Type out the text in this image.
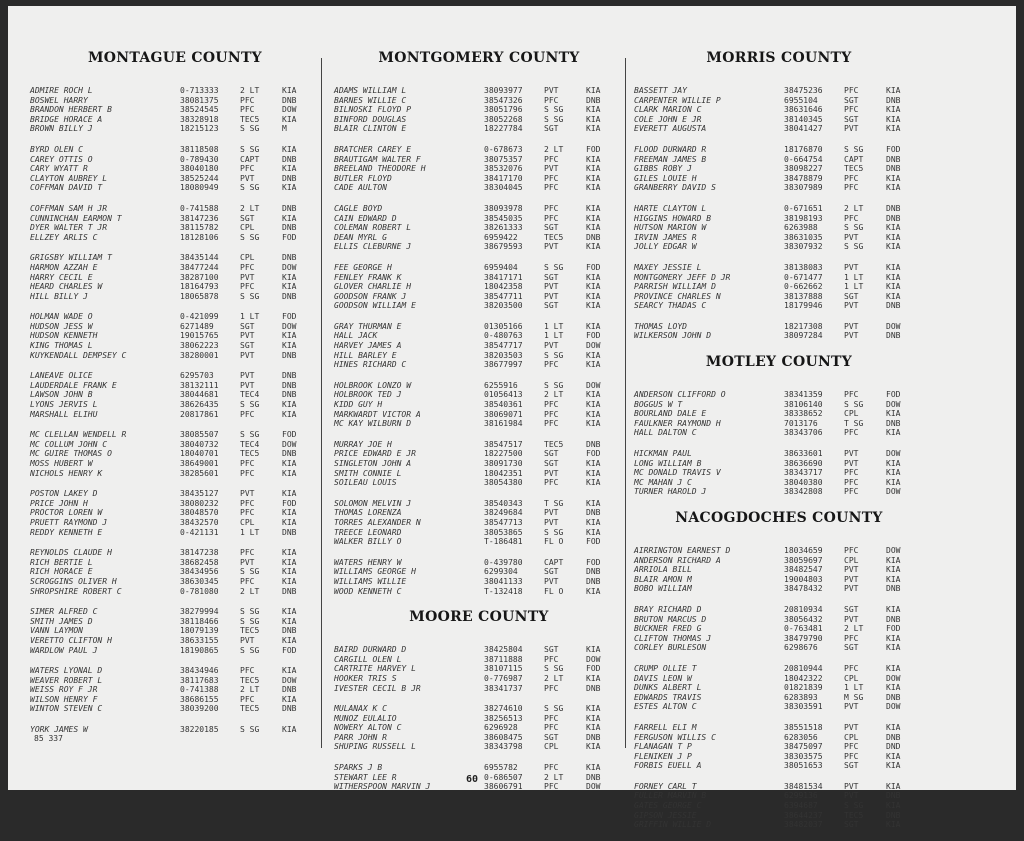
MONTAGUE COUNTY
ADMIRE ROCH L	0-713333	2 LT	KIA
BOSWEL HARRY	38081375	PFC	DNB
BRANDON HERBERT B	38524545	PFC	DOW
BRIDGE HORACE A	38328918	TEC5	KIA
BROWN BILLY J	18215123	S SG	M
BYRD OLEN C	38118508	S SG	KIA
CAREY OTTIS O	0-789430	CAPT	DNB
CARY WYATT R	38040180	PFC	KIA
CLAYTON AUBREY L	38525244	PVT	DNB
COFFMAN DAVID T	18080949	S SG	KIA
COFFMAN SAM H JR	0-741588	2 LT	DNB
CUNNINCHAN EARMON T	38147236	SGT	KIA
DYER WALTER T JR	38115782	CPL	DNB
ELLZEY ARLIS C	18128106	S SG	FOD
GRIGSBY WILLIAM T	38435144	CPL	DNB
HARMON AZZAH E	38477244	PFC	DOW
HARRY CECIL E	38287100	PVT	KIA
HEARD CHARLES W	18164793	PFC	KIA
HILL BILLY J	18065878	S SG	DNB
HOLMAN WADE O	0-421099	1 LT	FOD
HUDSON JESS W	6271489	SGT	DOW
HUDSON KENNETH	19015765	PVT	KIA
KING THOMAS L	38062223	SGT	KIA
KUYKENDALL DEMPSEY C	38280001	PVT	DNB
LANEAVE OLICE	6295703	PVT	DNB
LAUDERDALE FRANK E	38132111	PVT	DNB
LAWSON JOHN B	38044681	TEC4	DNB
LYONS JERVIS L	38626435	S SG	KIA
MARSHALL ELIHU	20817861	PFC	KIA
MC CLELLAN WENDELL R	38085507	S SG	FOD
MC COLLUM JOHN C	38040732	TEC4	DOW
MC GUIRE THOMAS O	18040701	TEC5	DNB
MOSS HUBERT W	38649001	PFC	KIA
NICHOLS HENRY K	38285601	PFC	KIA
POSTON LAKEY D	38435127	PVT	KIA
PRICE JOHN H	38080232	PFC	FOD
PROCTOR LOREN W	38048570	PFC	KIA
PRUETT RAYMOND J	38432570	CPL	KIA
REDDY KENNETH E	0-421131	1 LT	DNB
REYNOLDS CLAUDE H	38147238	PFC	KIA
RICH BERTIE L	38682458	PVT	KIA
RICH HORACE E	38434956	S SG	KIA
SCROGGINS OLIVER H	38630345	PFC	KIA
SHROPSHIRE ROBERT C	0-781080	2 LT	DNB
SIMER ALFRED C	38279994	S SG	KIA
SMITH JAMES D	38118466	S SG	KIA
VANN LAYMON	18079139	TEC5	DNB
VERETTO CLIFTON H	38633155	PVT	KIA
WARDLOW PAUL J	18190865	S SG	FOD
WATERS LYONAL D	38434946	PFC	KIA
WEAVER ROBERT L	38117683	TEC5	DOW
WEISS ROY F JR	0-741388	2 LT	DNB
WILSON HENRY F	38686155	PFC	KIA
WINTON STEVEN C	38039200	TEC5	DNB
YORK JAMES W	38220185	S SG	KIA
MONTGOMERY COUNTY
ADAMS WILLIAM L	38093977	PVT	KIA
BARNES WILLIE C	38547326	PFC	DNB
BILNOSKI FLOYD P	38051796	S SG	KIA
BINFORD DOUGLAS	38052268	S SG	KIA
BLAIR CLINTON E	18227784	SGT	KIA
BRATCHER CAREY E	0-678673	2 LT	FOD
BRAUTIGAM WALTER F	38075357	PFC	KIA
BREELAND THEODORE H	38532076	PVT	KIA
BUTLER FLOYD	38417170	PFC	KIA
CADE AULTON	38304045	PFC	KIA
CAGLE BOYD	38093978	PFC	KIA
CAIN EDWARD D	38545035	PFC	KIA
COLEMAN ROBERT L	38261333	SGT	KIA
DEAN MYRL G	6959422	TEC5	DNB
ELLIS CLEBURNE J	38679593	PVT	KIA
FEE GEORGE H	6959404	S SG	FOD
FENLEY FRANK K	38417171	SGT	KIA
GLOVER CHARLIE H	18042358	PVT	KIA
GOODSON FRANK J	38547711	PVT	KIA
GOODSON WILLIAM E	38203500	SGT	KIA
GRAY THURMAN E	01305166	1 LT	KIA
HALL JACK	0-480763	1 LT	FOD
HARVEY JAMES A	38547717	PVT	DOW
HILL BARLEY E	38203503	S SG	KIA
HINES RICHARD C	38677997	PFC	KIA
HOLBROOK LONZO W	6255916	S SG	DOW
HOLBROOK TED J	01056413	2 LT	KIA
KIDD GUY H	38540361	PFC	KIA
MARKWARDT VICTOR A	38069071	PFC	KIA
MC KAY WILBURN D	38161984	PFC	KIA
MURRAY JOE H	38547517	TEC5	DNB
PRICE EDWARD E JR	18227500	SGT	FOD
SINGLETON JOHN A	38091730	SGT	KIA
SMITH CONNIE L	18042351	PVT	KIA
SOILEAU LOUIS	38054380	PFC	KIA
SOLOMON MELVIN J	38540343	T SG	KIA
THOMAS LORENZA	38249684	PVT	DNB
TORRES ALEXANDER N	38547713	PVT	KIA
TREECE LEONARD	38053865	S SG	KIA
WALKER BILLY O	T-186481	FL O	FOD
WATERS HENRY W	0-439780	CAPT	FOD
WILLIAMS GEORGE H	6299304	SGT	DNB
WILLIAMS WILLIE	38041133	PVT	DNB
WOOD KENNETH C	T-132418	FL O	KIA
MOORE COUNTY
BAIRD DURWARD D	38425804	SGT	KIA
CARGILL OLEN L	38711888	PFC	DOW
CARTRITE HARVEY L	38107115	S SG	FOD
HOOKER TRIS S	0-776987	2 LT	KIA
IVESTER CECIL B JR	38341737	PFC	DNB
MULANAX K C	38274610	S SG	KIA
MUNOZ EULALIO	38256513	PFC	KIA
NOWERY ALTON C	6296928	PFC	KIA
PARR JOHN R	38608475	SGT	DNB
SHUPING RUSSELL L	38343798	CPL	KIA
SPARKS J B	6955782	PFC	KIA
STEWART LEE R	0-686507	2 LT	DNB
WITHERSPOON MARVIN J	38606791	PFC	DOW
MORRIS COUNTY
BASSETT JAY	38475236	PFC	KIA
CARPENTER WILLIE P	6955104	SGT	DNB
CLARK MARION C	38631646	PFC	KIA
COLE JOHN E JR	38140345	SGT	KIA
EVERETT AUGUSTA	38041427	PVT	KIA
FLOOD DURWARD R	18176870	S SG	FOD
FREEMAN JAMES B	0-664754	CAPT	DNB
GIBBS ROBY J	38098227	TEC5	DNB
GILES LOUIE H	38478879	PFC	KIA
GRANBERRY DAVID S	38307989	PFC	KIA
HARTE CLAYTON L	0-671651	2 LT	DNB
HIGGINS HOWARD B	38198193	PFC	DNB
HUTSON MARION W	6263988	S SG	KIA
IRVIN JAMES R	38631035	PVT	KIA
JOLLY EDGAR W	38307932	S SG	KIA
MAXEY JESSIE L	38138083	PVT	KIA
MONTGOMERY JEFF D JR	0-671477	1 LT	KIA
PARRISH WILLIAM D	0-662662	1 LT	KIA
PROVINCE CHARLES N	38137888	SGT	KIA
SEARCY THADAS C	18179946	PVT	DNB
THOMAS LOYD	18217308	PVT	DOW
WILKERSON JOHN D	38097284	PVT	DNB
MOTLEY COUNTY
ANDERSON CLIFFORD O	38341359	PFC	FOD
BOGGUS W T	38106140	S SG	DOW
BOURLAND DALE E	38338652	CPL	KIA
FAULKNER RAYMOND H	7013176	T SG	DNB
HALL DALTON C	38343706	PFC	KIA
HICKMAN PAUL	38633601	PVT	DOW
LONG WILLIAM B	38636690	PVT	KIA
MC DONALD TRAVIS V	38343717	PFC	KIA
MC MAHAN J C	38040380	PFC	KIA
TURNER HAROLD J	38342808	PFC	DOW
NACOGDOCHES COUNTY
AIRRINGTON EARNEST D	18034659	PFC	DOW
ANDERSON RICHARD A	38059697	CPL	KIA
ARRIOLA BILL	38482547	PVT	KIA
BLAIR AMON M	19004803	PVT	KIA
BOBO WILLIAM	38478432	PVT	DNB
BRAY RICHARD D	20810934	SGT	KIA
BRUTON MARCUS D	38056432	PVT	DNB
BUCKNER FRED G	0-763481	2 LT	FOD
CLIFTON THOMAS J	38479790	PFC	KIA
CORLEY BURLESON	6298676	SGT	KIA
CRUMP OLLIE T	20810944	PFC	KIA
DAVIS LEON W	18042322	CPL	DOW
DUNKS ALBERT L	01821839	1 LT	KIA
EDWARDS TRAVIS	6283893	M SG	DNB
ESTES ALTON C	38303591	PVT	DOW
FARRELL ELI M	38551518	PVT	KIA
FERGUSON WILLIS C	6283056	CPL	DNB
FLANAGAN T P	38475097	PFC	DND
FLENIKEN J P	38303575	PFC	KIA
FORBIS EUELL A	38051653	SGT	KIA
FORNEY CARL T	38481534	PVT	KIA
FULLER MARVIN B	6299136	PVT	DNB
GATES GEORGE C	6394687	S SG	KIA
GIPSON JESSIE	38644237	TEC5	DNB
GRIFFIN WILLIE D	38482037	SGT	KIA
85 337
60
